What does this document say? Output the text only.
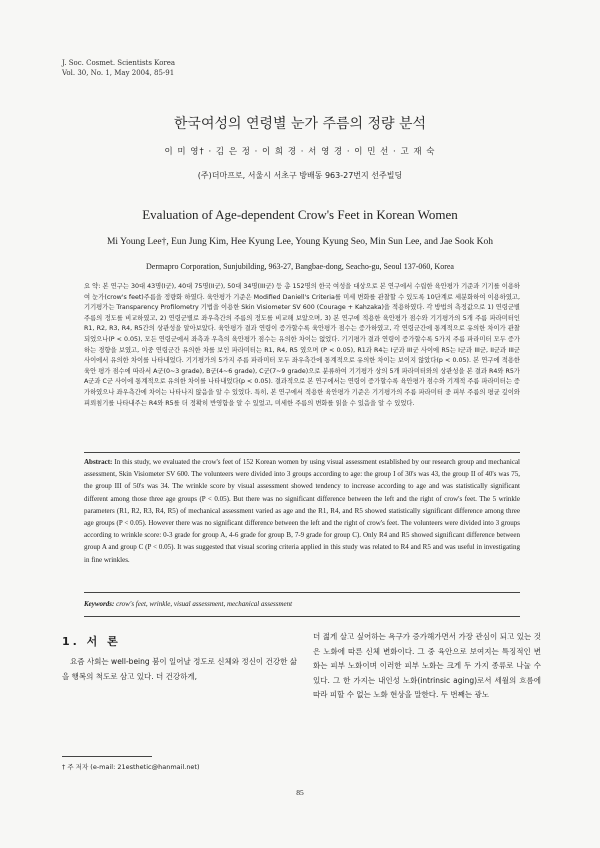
J. Soc. Cosmet. Scientists Korea
Vol. 30, No. 1, May 2004, 85-91
한국여성의 연령별 눈가 주름의 정량 분석
이 미 영† · 김 은 정 · 이 희 경 · 서 영 경 · 이 민 선 · 고 재 숙
(주)더마프로, 서울시 서초구 방배동 963-27번지 선주빌딩
Evaluation of Age-dependent Crow's Feet in Korean Women
Mi Young Lee†, Eun Jung Kim, Hee Kyung Lee, Young Kyung Seo, Min Sun Lee, and Jae Sook Koh
Dermapro Corporation, Sunjubilding, 963-27, Bangbae-dong, Seacho-gu, Seoul 137-060, Korea
요 약: 본 연구는 30대 43명(I군), 40대 75명(II군), 50대 34명(III군) 등 총 152명의 한국 여성을 대상으로 본 연구에서 수립한 육안평가 기준과 기기를 이용하여 눈가(crow's feet)주름을 정량화 하였다. 육안평가 기준은 Modified Daniell's Criteria를 미세 변화를 관찰할 수 있도록 10단계로 세분화하여 이용하였고, 기기평가는 Transparency Profilometry 기법을 이용한 Skin Visiometer SV 600 (Courage + Kahzaka)을 적용하였다. 각 방법의 측정값으로 1) 연령군별 주름의 정도를 비교하였고, 2) 연령군별로 좌우측간의 주름의 정도를 비교해 보았으며, 3) 본 연구에 적용한 육안평가 점수와 기기평가의 5개 주름 파라미터인 R1, R2, R3, R4, R5간의 상관성을 알아보았다. 육안평가 결과 연령이 증가할수록 육안평가 점수는 증가하였고, 각 연령군간에 통계적으로 유의한 차이가 관찰되었으나(P < 0.05), 모든 연령군에서 좌측과 우측의 육안평가 점수는 유의한 차이는 없었다. 기기평가 결과 연령이 증가할수록 5가지 주름 파라미터 모두 증가하는 경향을 보였고, 이중 연령군간 유의한 차를 보인 파라미터는 R1, R4, R5 였으며 (P < 0.05), R1과 R4는 I군과 III군 사이에 R5는 I군과 III군, II군과 III군 사이에서 유의한 차이를 나타내었다. 기기평가의 5가지 주름 파라미터 모두 좌우측간에 통계적으로 유의한 차이는 보이지 않았다(p < 0.05). 본 연구에 적용한 육안 평가 점수에 따라서 A군(0~3 grade), B군(4~6 grade), C군(7~9 grade)으로 분류하여 기기평가 상의 5개 파라미터와의 상관성을 본 결과 R4와 R5가 A군과 C군 사이에 통계적으로 유의한 차이를 나타내었다(p < 0.05). 결과적으로 본 연구에서는 연령이 증가할수록 육안평가 점수와 기계적 주름 파라미터는 증가하였으나 좌우측간에 차이는 나타나지 않음을 알 수 있었다. 특히, 본 연구에서 적용한 육안평가 기준은 기기평가의 주름 파라미터 중 피부 주름의 평균 깊이와 피뢰침기를 나타내주는 R4와 R5를 더 정확히 반영함을 알 수 있었고, 미세한 주름의 변화를 읽을 수 있음을 알 수 있었다.
Abstract: In this study, we evaluated the crow's feet of 152 Korean women by using visual assessment established by our research group and mechanical assessment, Skin Visiometer SV 600. The volunteers were divided into 3 groups according to age: the group I of 30's was 43, the group II of 40's was 75, the group III of 50's was 34. The wrinkle score by visual assessment showed tendency to increase according to age and was statistically significant different among those three age groups (P < 0.05). But there was no significant difference between the left and the right of crow's feet. The 5 wrinkle parameters (R1, R2, R3, R4, R5) of mechanical assessment varied as age and the R1, R4, and R5 showed statistically significant difference among three age groups (P < 0.05). However there was no significant difference between the left and the right of crow's feet. The volunteers were divided into 3 groups according to wrinkle score: 0-3 grade for group A, 4-6 grade for group B, 7-9 grade for group C). Only R4 and R5 showed significant difference between group A and group C (P < 0.05). It was suggested that visual scoring criteria applied in this study was related to R4 and R5 and was useful in investigating in fine wrinkles.
Keywords: crow's feet, wrinkle, visual assessment, mechanical assessment
1. 서 론
요즘 사회는 well-being 붐이 일어날 정도로 신체와 정신이 건강한 삶을 행복의 척도로 삼고 있다. 더 건강하게,
더 젊게 살고 싶어하는 욕구가 증가해가면서 가장 관심이 되고 있는 것은 노화에 따른 신체 변화이다. 그 중 육안으로 보여지는 특징적인 변화는 피부 노화이며 이러한 피부 노화는 크게 두 가지 종류로 나눌 수 있다. 그 한 가지는 내인성 노화(intrinsic aging)로서 세월의 흐름에 따라 피할 수 없는 노화 현상을 말한다. 두 번째는 광노
† 주 저자 (e-mail: 21esthetic@hanmail.net)
85
